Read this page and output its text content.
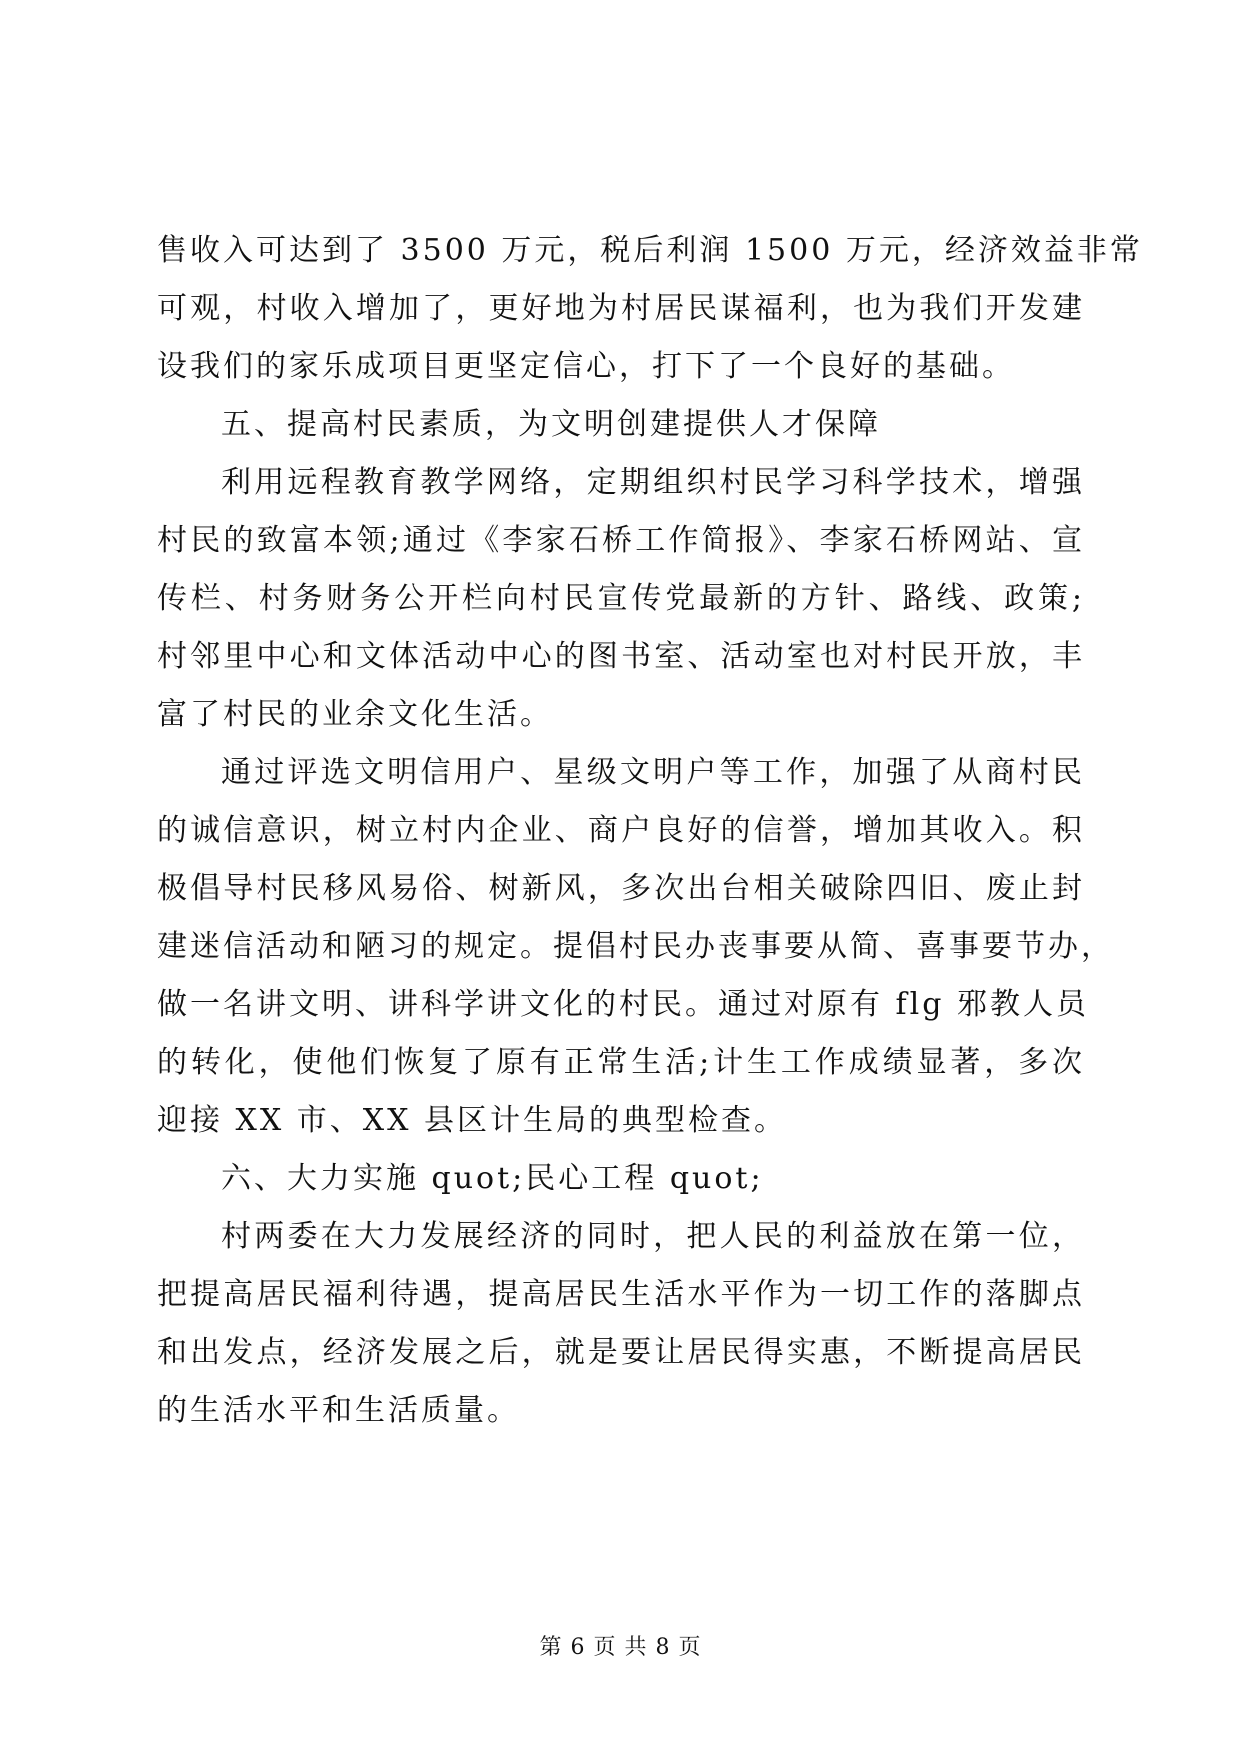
售收入可达到了 3500 万元，税后利润 1500 万元，经济效益非常
可观，村收入增加了，更好地为村居民谋福利，也为我们开发建
设我们的家乐成项目更坚定信心，打下了一个良好的基础。
五、提高村民素质，为文明创建提供人才保障
利用远程教育教学网络，定期组织村民学习科学技术，增强
村民的致富本领;通过《李家石桥工作简报》、李家石桥网站、宣
传栏、村务财务公开栏向村民宣传党最新的方针、路线、政策;
村邻里中心和文体活动中心的图书室、活动室也对村民开放，丰
富了村民的业余文化生活。
通过评选文明信用户、星级文明户等工作，加强了从商村民
的诚信意识，树立村内企业、商户良好的信誉，增加其收入。积
极倡导村民移风易俗、树新风，多次出台相关破除四旧、废止封
建迷信活动和陋习的规定。提倡村民办丧事要从简、喜事要节办，
做一名讲文明、讲科学讲文化的村民。通过对原有 flg 邪教人员
的转化，使他们恢复了原有正常生活;计生工作成绩显著，多次
迎接 XX 市、XX 县区计生局的典型检查。
六、大力实施 quot;民心工程 quot;
村两委在大力发展经济的同时，把人民的利益放在第一位，
把提高居民福利待遇，提高居民生活水平作为一切工作的落脚点
和出发点，经济发展之后，就是要让居民得实惠，不断提高居民
的生活水平和生活质量。
第 6 页 共 8 页
